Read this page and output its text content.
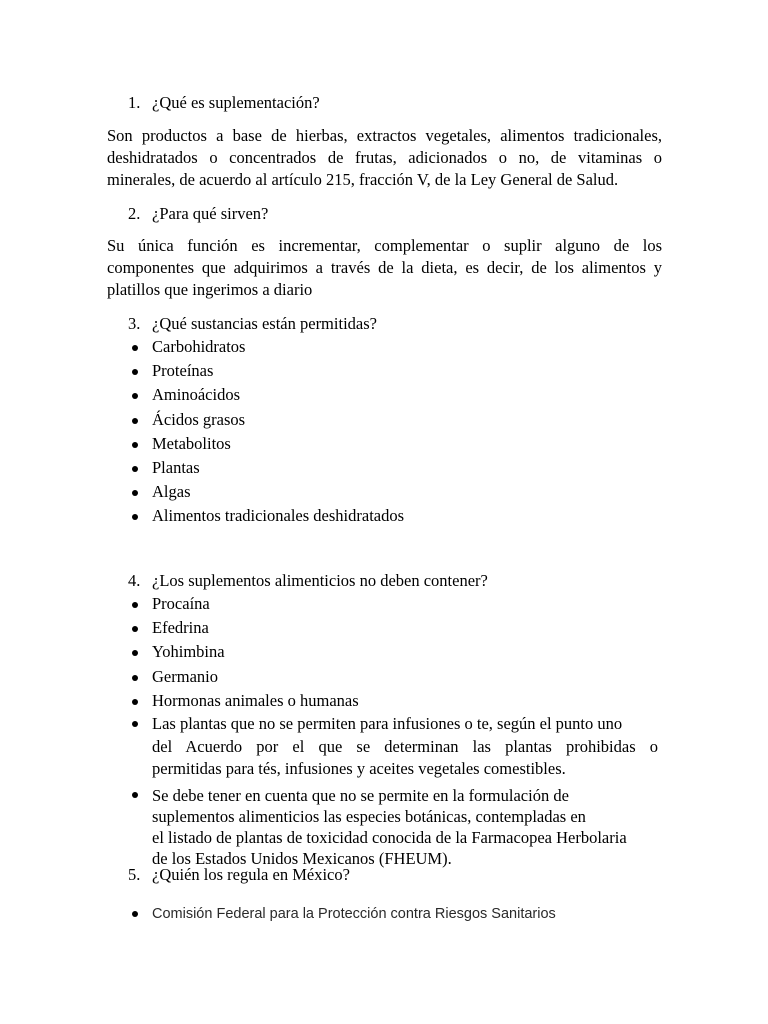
1. ¿Qué es suplementación?
Son productos a base de hierbas, extractos vegetales, alimentos tradicionales,
deshidratados o concentrados de frutas, adicionados o no, de vitaminas o
minerales, de acuerdo al artículo 215, fracción V, de la Ley General de Salud.
2. ¿Para qué sirven?
Su única función es incrementar, complementar o suplir alguno de los
componentes que adquirimos a través de la dieta, es decir, de los alimentos y
platillos que ingerimos a diario
3. ¿Qué sustancias están permitidas?
Carbohidratos
Proteínas
Aminoácidos
Ácidos grasos
Metabolitos
Plantas
Algas
Alimentos tradicionales deshidratados
4. ¿Los suplementos alimenticios no deben contener?
Procaína
Efedrina
Yohimbina
Germanio
Hormonas animales o humanas
Las plantas que no se permiten para infusiones o te, según el punto uno
del Acuerdo por el que se determinan las plantas prohibidas o
permitidas para tés, infusiones y aceites vegetales comestibles.
Se debe tener en cuenta que no se permite en la formulación de
suplementos alimenticios las especies botánicas, contempladas en
el listado de plantas de toxicidad conocida de la Farmacopea Herbolaria
de los Estados Unidos Mexicanos (FHEUM).
5. ¿Quién los regula en México?
Comisión Federal para la Protección contra Riesgos Sanitarios
